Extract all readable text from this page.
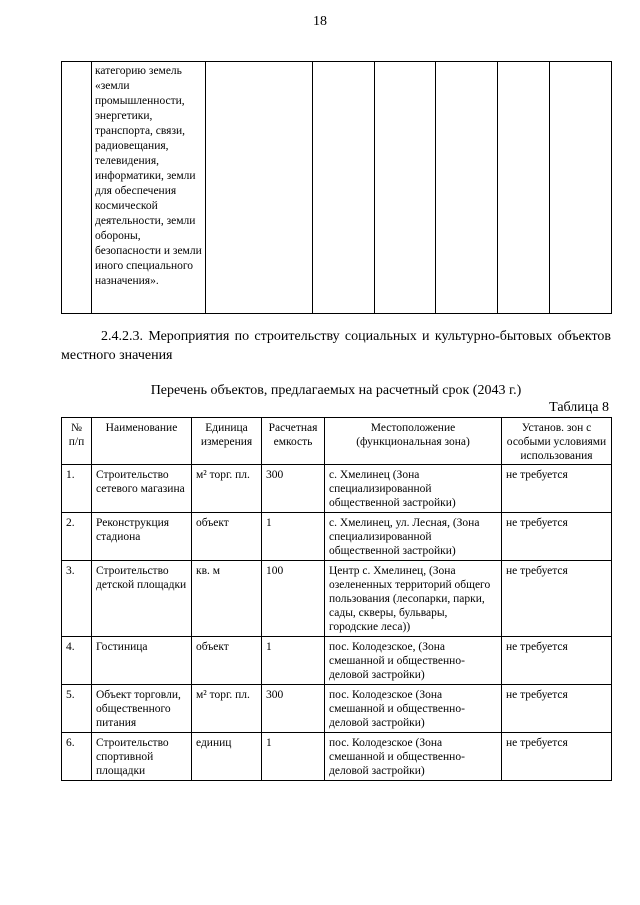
18
	категорию земель «земли промышленности, энергетики, транспорта, связи, радиовещания, телевидения, информатики, земли для обеспечения космической деятельности, земли обороны, безопасности и земли иного специального назначения».						
2.4.2.3. Мероприятия по строительству социальных и культурно-бытовых объектов местного значения
Перечень объектов, предлагаемых на расчетный срок (2043 г.)
Таблица 8
№ п/п	Наименование	Единица измерения	Расчетная емкость	Местоположение (функциональная зона)	Установ. зон с особыми условиями использования
1.	Строительство сетевого магазина	м² торг. пл.	300	с. Хмелинец (Зона специализированной общественной застройки)	не требуется
2.	Реконструкция стадиона	объект	1	с. Хмелинец, ул. Лесная, (Зона специализированной общественной застройки)	не требуется
3.	Строительство детской площадки	кв. м	100	Центр с. Хмелинец, (Зона озелененных территорий общего пользования (лесопарки, парки, сады, скверы, бульвары, городские леса))	не требуется
4.	Гостиница	объект	1	пос. Колодезское, (Зона смешанной и общественно-деловой застройки)	не требуется
5.	Объект торговли, общественного питания	м² торг. пл.	300	пос. Колодезское (Зона смешанной и общественно-деловой застройки)	не требуется
6.	Строительство спортивной площадки	единиц	1	пос. Колодезское (Зона смешанной и общественно-деловой застройки)	не требуется
